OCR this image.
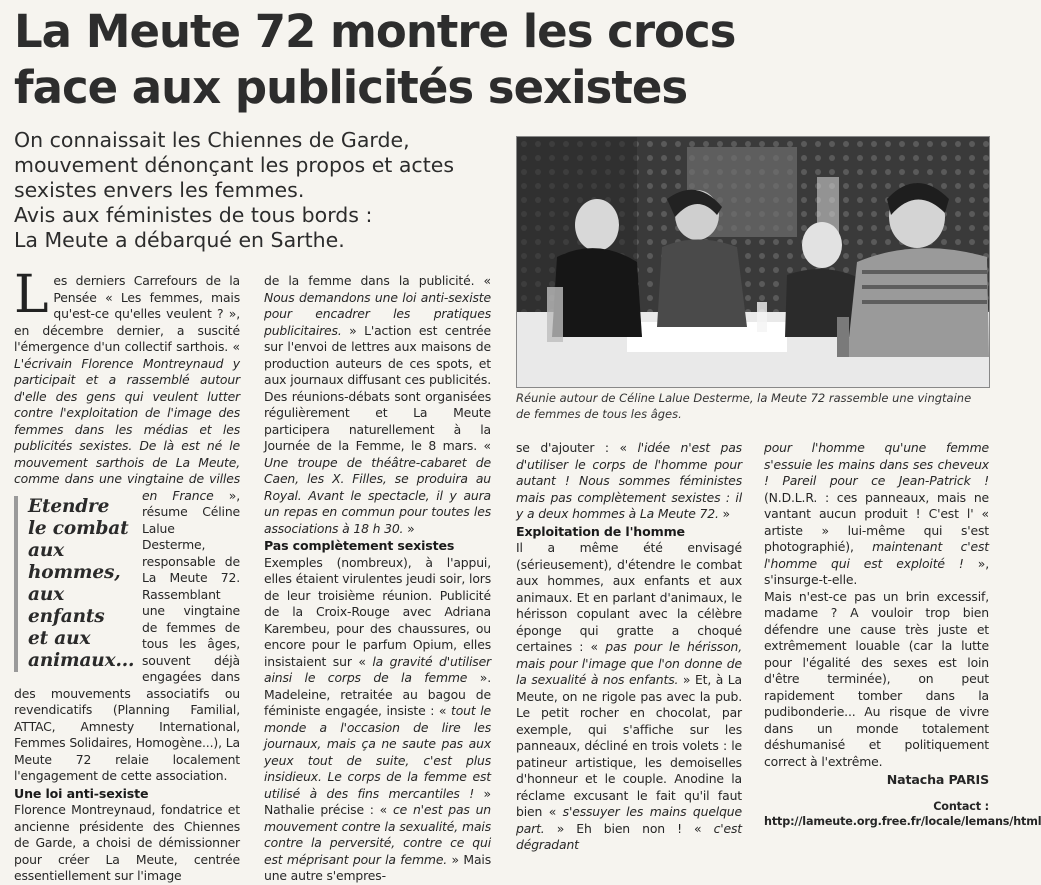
La Meute 72 montre les crocs
face aux publicités sexistes
On connaissait les Chiennes de Garde,
mouvement dénonçant les propos et actes
sexistes envers les femmes.
Avis aux féministes de tous bords :
La Meute a débarqué en Sarthe.
Réunie autour de Céline Lalue Desterme, la Meute 72 rassemble une vingtaine de femmes de tous les âges.

Les derniers Carrefours de la Pensée « Les femmes, mais qu'est-ce qu'elles veulent ? », en décembre dernier, a suscité l'émergence d'un collectif sarthois. « L'écrivain Florence Montreynaud y participait et a rassemblé autour d'elle des gens qui veulent lutter contre l'exploitation de l'image des femmes dans les médias et les publicités sexistes. De là est né le mouvement sarthois de La Meute, comme dans une vingtaine de villes en France
Etendre
le combat
aux hommes,
aux enfants
et aux
animaux...
», résume Céline Lalue Desterme, responsable de La Meute 72. Rassemblant une vingtaine de femmes de tous les âges, souvent déjà engagées dans des mouvements associatifs ou revendicatifs (Planning Familial, ATTAC, Amnesty International, Femmes Solidaires, Homogène...), La Meute 72 relaie localement l'engagement de cette association.

Une loi anti-sexiste

Florence Montreynaud, fondatrice et ancienne présidente des Chiennes de Garde, a choisi de démissionner pour créer La Meute, centrée essentiellement sur l'image

de la femme dans la publicité. « Nous demandons une loi anti-sexiste pour encadrer les pratiques publicitaires. » L'action est centrée sur l'envoi de lettres aux maisons de production auteurs de ces spots, et aux journaux diffusant ces publicités. Des réunions-débats sont organisées régulièrement et La Meute participera naturellement à la Journée de la Femme, le 8 mars. « Une troupe de théâtre-cabaret de Caen, les X. Filles, se produira au Royal. Avant le spectacle, il y aura un repas en commun pour toutes les associations à 18 h 30. »

Pas complètement sexistes

Exemples (nombreux), à l'appui, elles étaient virulentes jeudi soir, lors de leur troisième réunion. Publicité de la Croix-Rouge avec Adriana Karembeu, pour des chaussures, ou encore pour le parfum Opium, elles insistaient sur « la gravité d'utiliser ainsi le corps de la femme ». Madeleine, retraitée au bagou de féministe engagée, insiste : « tout le monde a l'occasion de lire les journaux, mais ça ne saute pas aux yeux tout de suite, c'est plus insidieux. Le corps de la femme est utilisé à des fins mercantiles ! » Nathalie précise : « ce n'est pas un mouvement contre la sexualité, mais contre la perversité, contre ce qui est méprisant pour la femme. » Mais une autre s'empres-

se d'ajouter : « l'idée n'est pas d'utiliser le corps de l'homme pour autant ! Nous sommes féministes mais pas complètement sexistes : il y a deux hommes à La Meute 72. »

Exploitation de l'homme

Il a même été envisagé (sérieusement), d'étendre le combat aux hommes, aux enfants et aux animaux. Et en parlant d'animaux, le hérisson copulant avec la célèbre éponge qui gratte a choqué certaines : « pas pour le hérisson, mais pour l'image que l'on donne de la sexualité à nos enfants. » Et, à La Meute, on ne rigole pas avec la pub. Le petit rocher en chocolat, par exemple, qui s'affiche sur les panneaux, décliné en trois volets : le patineur artistique, les demoiselles d'honneur et le couple. Anodine la réclame excusant le fait qu'il faut bien « s'essuyer les mains quelque part. » Eh bien non ! « c'est dégradant

pour l'homme qu'une femme s'essuie les mains dans ses cheveux ! Pareil pour ce Jean-Patrick ! (N.D.L.R. : ces panneaux, mais ne vantant aucun produit ! C'est l' « artiste » lui-même qui s'est photographié), maintenant c'est l'homme qui est exploité ! », s'insurge-t-elle.

Mais n'est-ce pas un brin excessif, madame ? A vouloir trop bien défendre une cause très juste et extrêmement louable (car la lutte pour l'égalité des sexes est loin d'être terminée), on peut rapidement tomber dans la pudibonderie... Au risque de vivre dans un monde totalement déshumanisé et politiquement correct à l'extrême.

Natacha PARIS
Contact : http://lameute.org.free.fr/locale/lemans/html
